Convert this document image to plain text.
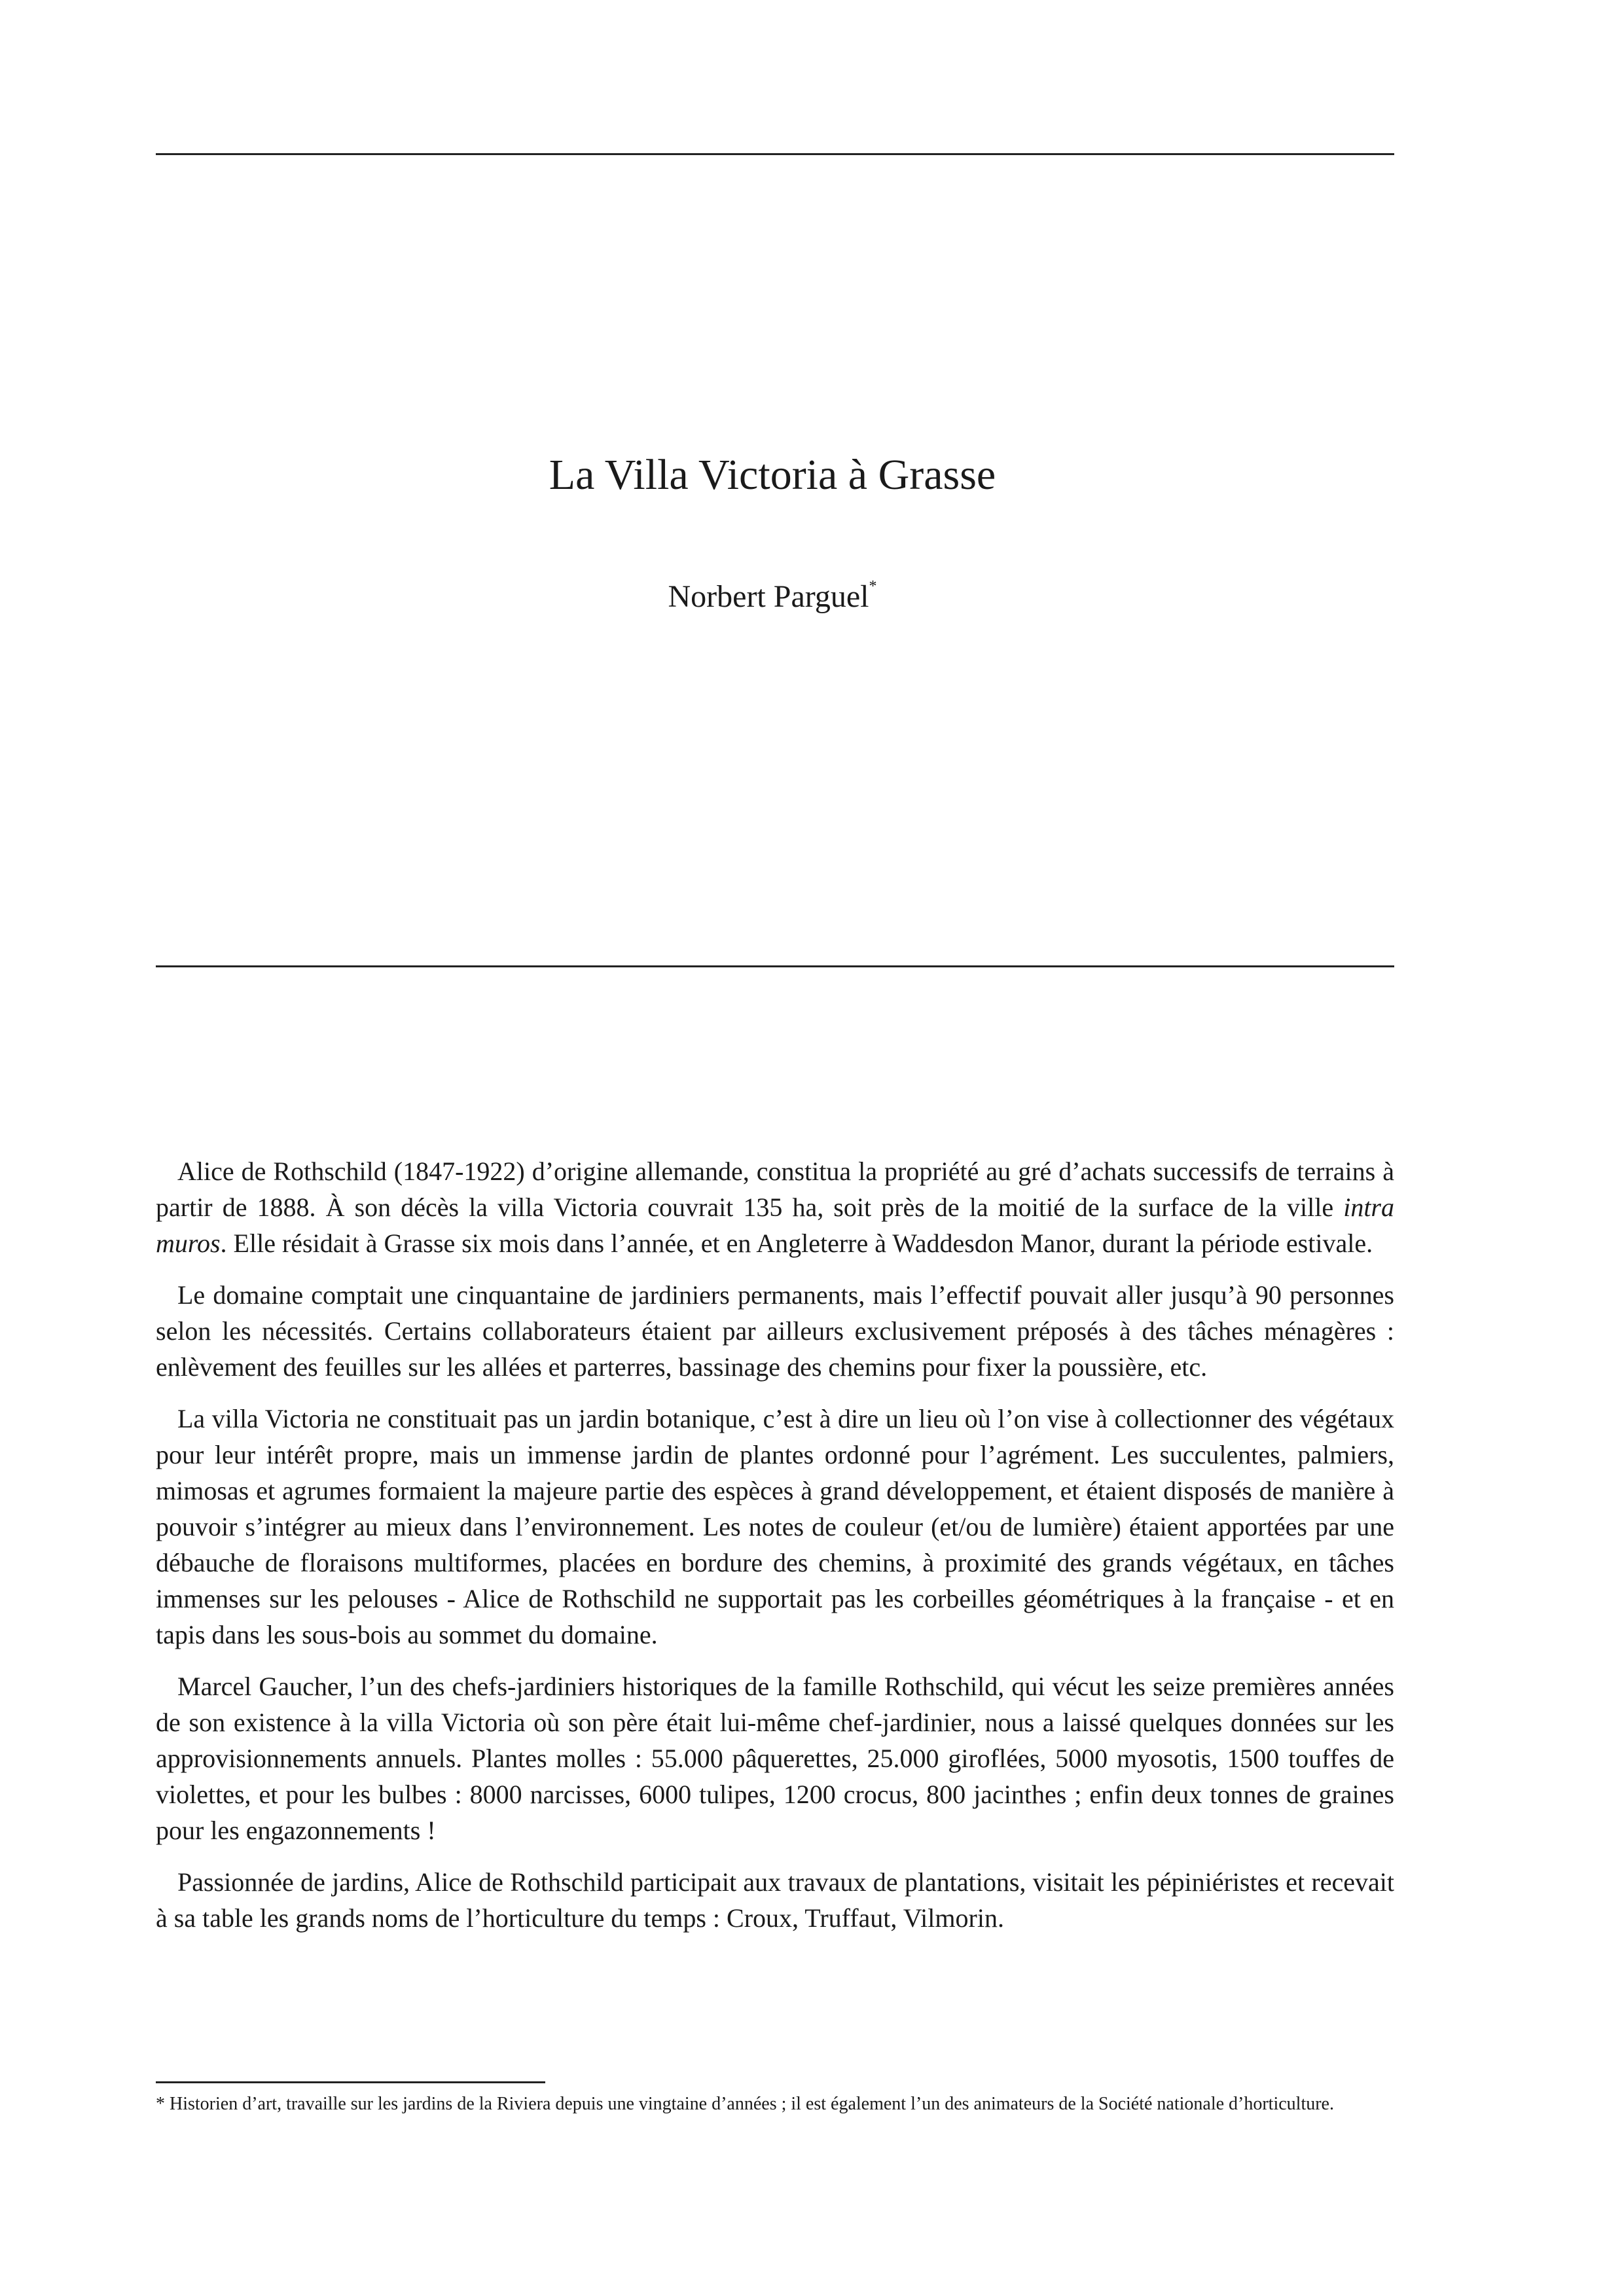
La Villa Victoria à Grasse
Norbert Parguel*

Alice de Rothschild (1847-1922) d’origine allemande, constitua la propriété au gré d’achats successifs de terrains à partir de 1888. À son décès la villa Victoria couvrait 135 ha, soit près de la moitié de la surface de la ville intra muros. Elle résidait à Grasse six mois dans l’année, et en Angleterre à Waddesdon Manor, durant la période estivale.

Le domaine comptait une cinquantaine de jardiniers permanents, mais l’effectif pouvait aller jusqu’à 90 personnes selon les nécessités. Certains collaborateurs étaient par ailleurs exclusivement préposés à des tâches ménagères : enlèvement des feuilles sur les allées et parterres, bassinage des chemins pour fixer la poussière, etc.

La villa Victoria ne constituait pas un jardin botanique, c’est à dire un lieu où l’on vise à collectionner des végétaux pour leur intérêt propre, mais un immense jardin de plantes ordonné pour l’agrément. Les succulentes, palmiers, mimosas et agrumes formaient la majeure partie des espèces à grand développement, et étaient disposés de manière à pouvoir s’intégrer au mieux dans l’environnement. Les notes de couleur (et/ou de lumière) étaient apportées par une débauche de floraisons multiformes, placées en bordure des chemins, à proximité des grands végétaux, en tâches immenses sur les pelouses - Alice de Rothschild ne supportait pas les corbeilles géométriques à la française - et en tapis dans les sous-bois au sommet du domaine.

Marcel Gaucher, l’un des chefs-jardiniers historiques de la famille Rothschild, qui vécut les seize premières années de son existence à la villa Victoria où son père était lui-même chef-jardinier, nous a laissé quelques données sur les approvisionnements annuels. Plantes molles : 55.000 pâquerettes, 25.000 giroflées, 5000 myosotis, 1500 touffes de violettes, et pour les bulbes : 8000 narcisses, 6000 tulipes, 1200 crocus, 800 jacinthes ; enfin deux tonnes de graines pour les engazonnements !

Passionnée de jardins, Alice de Rothschild participait aux travaux de plantations, visitait les pépiniéristes et recevait à sa table les grands noms de l’horticulture du temps : Croux, Truffaut, Vilmorin.

* Historien d’art, travaille sur les jardins de la Riviera depuis une vingtaine d’années ; il est également l’un des animateurs de la Société nationale d’horticulture.
